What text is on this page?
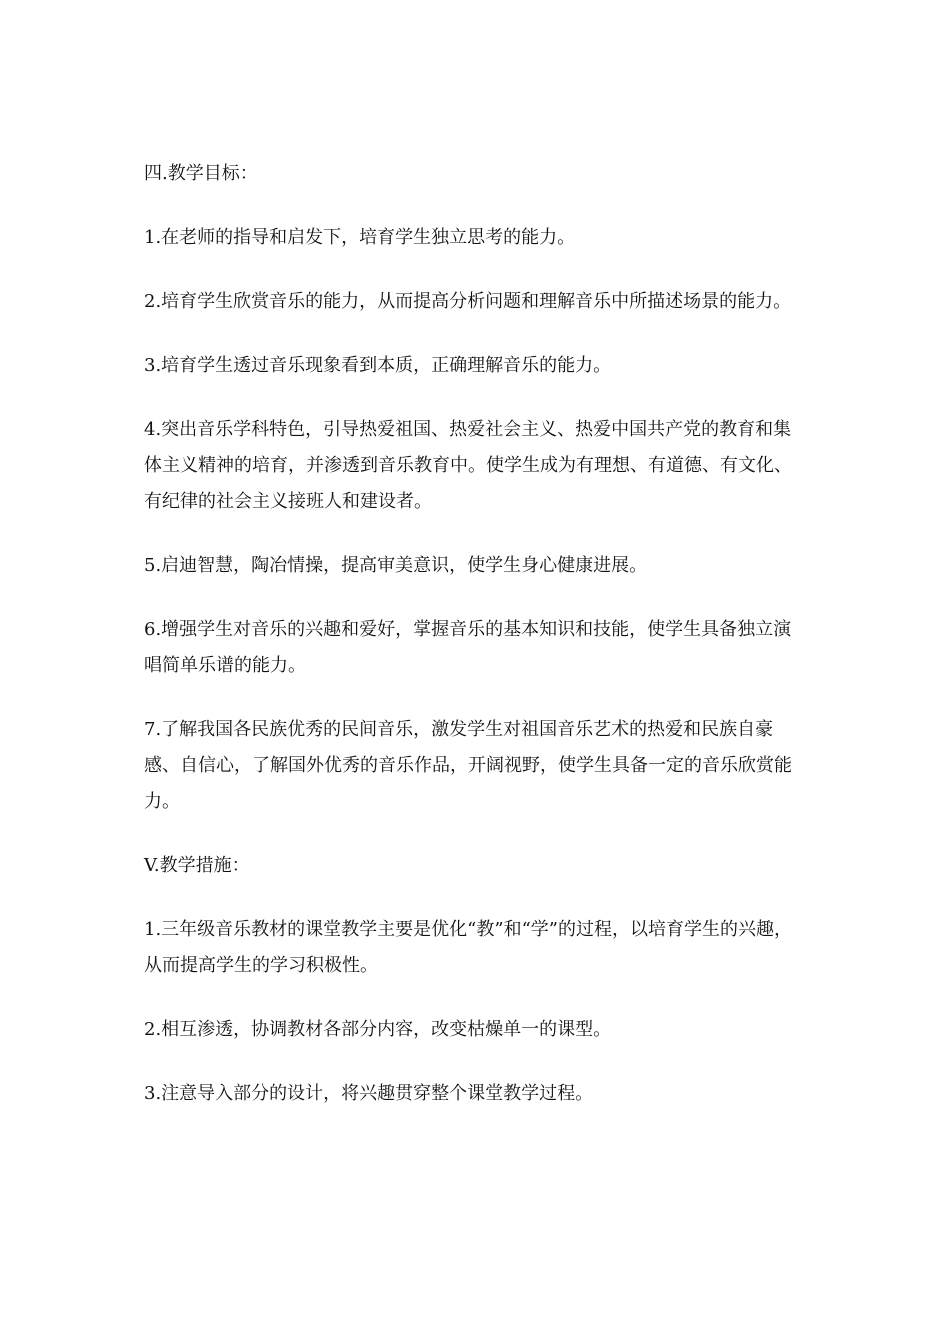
四.教学目标：

1.在老师的指导和启发下，培育学生独立思考的能力。

2.培育学生欣赏音乐的能力，从而提高分析问题和理解音乐中所描述场景的能力。

3.培育学生透过音乐现象看到本质，正确理解音乐的能力。

4.突出音乐学科特色，引导热爱祖国、热爱社会主义、热爱中国共产党的教育和集体主义精神的培育，并渗透到音乐教育中。使学生成为有理想、有道德、有文化、有纪律的社会主义接班人和建设者。

5.启迪智慧，陶冶情操，提高审美意识，使学生身心健康进展。

6.增强学生对音乐的兴趣和爱好，掌握音乐的基本知识和技能，使学生具备独立演唱简单乐谱的能力。

7.了解我国各民族优秀的民间音乐，激发学生对祖国音乐艺术的热爱和民族自豪感、自信心，了解国外优秀的音乐作品，开阔视野，使学生具备一定的音乐欣赏能力。

V.教学措施：

1.三年级音乐教材的课堂教学主要是优化“教”和“学”的过程，以培育学生的兴趣，从而提高学生的学习积极性。

2.相互渗透，协调教材各部分内容，改变枯燥单一的课型。

3.注意导入部分的设计，将兴趣贯穿整个课堂教学过程。
